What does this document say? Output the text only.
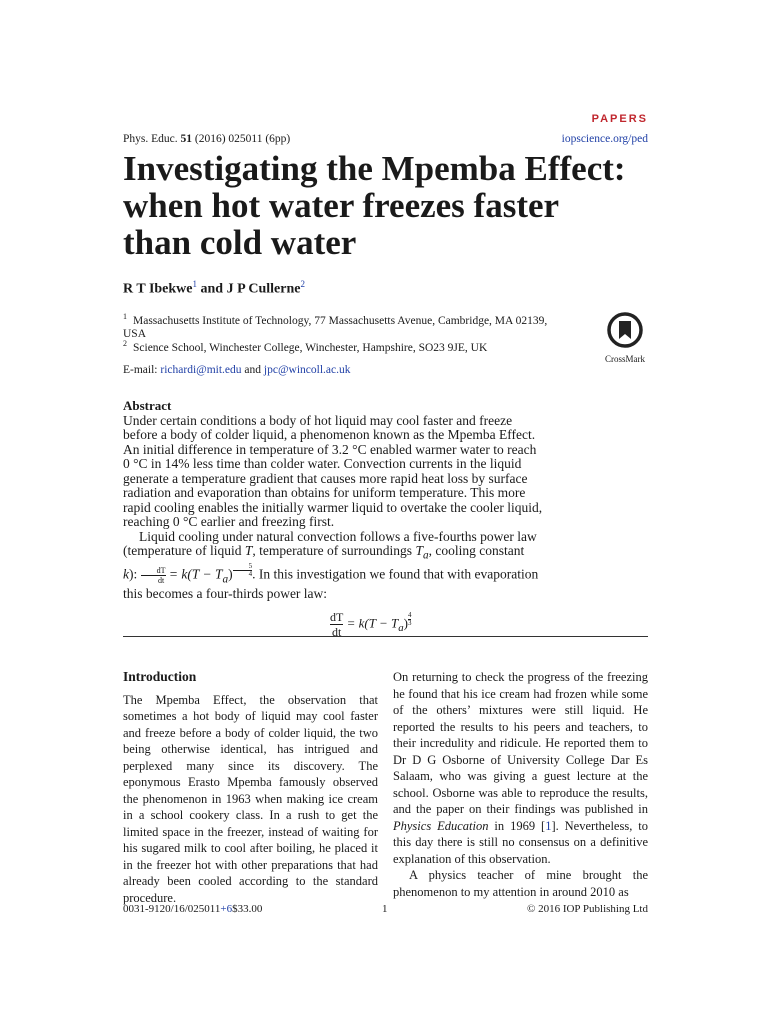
PAPERS
Phys. Educ. 51 (2016) 025011 (6pp)	iopscience.org/ped
Investigating the Mpemba Effect:
when hot water freezes faster
than cold water
R T Ibekwe$^1$ and J P Cullerne$^2$
$^1$ Massachusetts Institute of Technology, 77 Massachusetts Avenue, Cambridge, MA 02139, USA
$^2$ Science School, Winchester College, Winchester, Hampshire, SO23 9JE, UK
E-mail: richardi@mit.edu and jpc@wincoll.ac.uk
CrossMark
Abstract

Under certain conditions a body of hot liquid may cool faster and freeze before a body of colder liquid, a phenomenon known as the Mpemba Effect. An initial difference in temperature of 3.2 °C enabled warmer water to reach 0 °C in 14% less time than colder water. Convection currents in the liquid generate a temperature gradient that causes more rapid heat loss by surface radiation and evaporation than obtains for uniform temperature. This more rapid cooling enables the initially warmer liquid to overtake the cooler liquid, reaching 0 °C earlier and freezing first.

Liquid cooling under natural convection follows a five-fourths power law (temperature of liquid T, temperature of surroundings $T_a$, cooling constant
k): $\frac{dT}{dt} = k(T - T_a)$ $^{\frac{5}{4}}$ . In this investigation we found that with evaporation this becomes a four-thirds power law:

$\frac{dT}{dt} = k(T - T_a)$ $^{\frac{4}{3}}$
Introduction

The Mpemba Effect, the observation that sometimes a hot body of liquid may cool faster and freeze before a body of colder liquid, the two being otherwise identical, has intrigued and perplexed many since its discovery. The eponymous Erasto Mpemba famously observed the phenomenon in 1963 when making ice cream in a school cookery class. In a rush to get the limited space in the freezer, instead of waiting for his sugared milk to cool after boiling, he placed it in the freezer hot with other preparations that had already been cooled according to the standard procedure.

On returning to check the progress of the freezing he found that his ice cream had frozen while some of the others’ mixtures were still liquid. He reported the results to his peers and teachers, to their incredulity and ridicule. He reported them to Dr D G Osborne of University College Dar Es Salaam, who was giving a guest lecture at the school. Osborne was able to reproduce the results, and the paper on their findings was published in Physics Education in 1969 [1]. Nevertheless, to this day there is still no consensus on a definitive explanation of this observation.

A physics teacher of mine brought the phenomenon to my attention in around 2010 as

0031-9120/16/025011+6$33.00	1	© 2016 IOP Publishing Ltd
